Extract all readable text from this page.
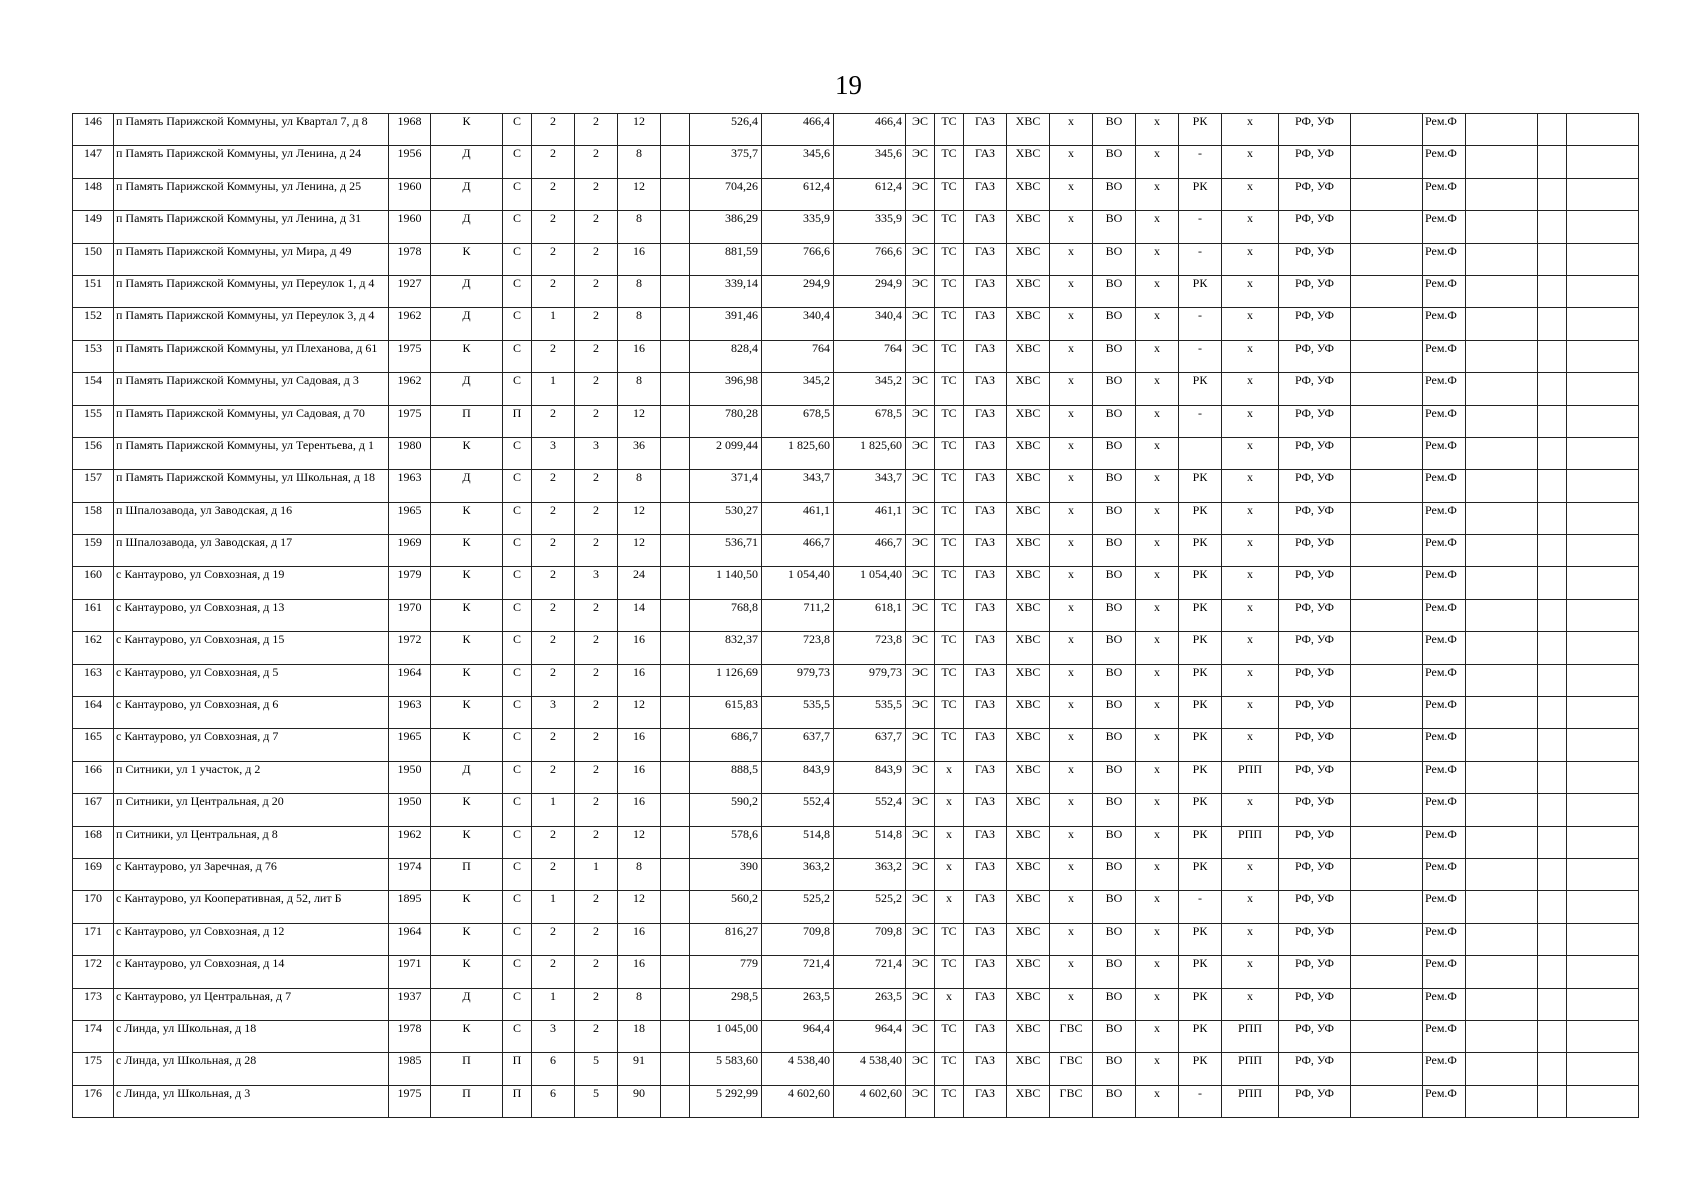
19
146	п Память Парижской Коммуны, ул Квартал 7, д 8	1968	К	С	2	2	12		526,4	466,4	466,4	ЭС	ТС	ГАЗ	ХВС	х	ВО	х	РК	х	РФ, УФ		Рем.Ф			
147	п Память Парижской Коммуны, ул Ленина, д 24	1956	Д	С	2	2	8		375,7	345,6	345,6	ЭС	ТС	ГАЗ	ХВС	х	ВО	х	-	х	РФ, УФ		Рем.Ф			
148	п Память Парижской Коммуны, ул Ленина, д 25	1960	Д	С	2	2	12		704,26	612,4	612,4	ЭС	ТС	ГАЗ	ХВС	х	ВО	х	РК	х	РФ, УФ		Рем.Ф			
149	п Память Парижской Коммуны, ул Ленина, д 31	1960	Д	С	2	2	8		386,29	335,9	335,9	ЭС	ТС	ГАЗ	ХВС	х	ВО	х	-	х	РФ, УФ		Рем.Ф			
150	п Память Парижской Коммуны, ул Мира, д 49	1978	К	С	2	2	16		881,59	766,6	766,6	ЭС	ТС	ГАЗ	ХВС	х	ВО	х	-	х	РФ, УФ		Рем.Ф			
151	п Память Парижской Коммуны, ул Переулок 1, д 4	1927	Д	С	2	2	8		339,14	294,9	294,9	ЭС	ТС	ГАЗ	ХВС	х	ВО	х	РК	х	РФ, УФ		Рем.Ф			
152	п Память Парижской Коммуны, ул Переулок 3, д 4	1962	Д	С	1	2	8		391,46	340,4	340,4	ЭС	ТС	ГАЗ	ХВС	х	ВО	х	-	х	РФ, УФ		Рем.Ф			
153	п Память Парижской Коммуны, ул Плеханова, д 61	1975	К	С	2	2	16		828,4	764	764	ЭС	ТС	ГАЗ	ХВС	х	ВО	х	-	х	РФ, УФ		Рем.Ф			
154	п Память Парижской Коммуны, ул Садовая, д 3	1962	Д	С	1	2	8		396,98	345,2	345,2	ЭС	ТС	ГАЗ	ХВС	х	ВО	х	РК	х	РФ, УФ		Рем.Ф			
155	п Память Парижской Коммуны, ул Садовая, д 70	1975	П	П	2	2	12		780,28	678,5	678,5	ЭС	ТС	ГАЗ	ХВС	х	ВО	х	-	х	РФ, УФ		Рем.Ф			
156	п Память Парижской Коммуны, ул Терентьева, д 1	1980	К	С	3	3	36		2 099,44	1 825,60	1 825,60	ЭС	ТС	ГАЗ	ХВС	х	ВО	х		х	РФ, УФ		Рем.Ф			
157	п Память Парижской Коммуны, ул Школьная, д 18	1963	Д	С	2	2	8		371,4	343,7	343,7	ЭС	ТС	ГАЗ	ХВС	х	ВО	х	РК	х	РФ, УФ		Рем.Ф			
158	п Шпалозавода, ул Заводская, д 16	1965	К	С	2	2	12		530,27	461,1	461,1	ЭС	ТС	ГАЗ	ХВС	х	ВО	х	РК	х	РФ, УФ		Рем.Ф			
159	п Шпалозавода, ул Заводская, д 17	1969	К	С	2	2	12		536,71	466,7	466,7	ЭС	ТС	ГАЗ	ХВС	х	ВО	х	РК	х	РФ, УФ		Рем.Ф			
160	с Кантаурово, ул Совхозная, д 19	1979	К	С	2	3	24		1 140,50	1 054,40	1 054,40	ЭС	ТС	ГАЗ	ХВС	х	ВО	х	РК	х	РФ, УФ		Рем.Ф			
161	с Кантаурово, ул Совхозная, д 13	1970	К	С	2	2	14		768,8	711,2	618,1	ЭС	ТС	ГАЗ	ХВС	х	ВО	х	РК	х	РФ, УФ		Рем.Ф			
162	с Кантаурово, ул Совхозная, д 15	1972	К	С	2	2	16		832,37	723,8	723,8	ЭС	ТС	ГАЗ	ХВС	х	ВО	х	РК	х	РФ, УФ		Рем.Ф			
163	с Кантаурово, ул Совхозная, д 5	1964	К	С	2	2	16		1 126,69	979,73	979,73	ЭС	ТС	ГАЗ	ХВС	х	ВО	х	РК	х	РФ, УФ		Рем.Ф			
164	с Кантаурово, ул Совхозная, д 6	1963	К	С	3	2	12		615,83	535,5	535,5	ЭС	ТС	ГАЗ	ХВС	х	ВО	х	РК	х	РФ, УФ		Рем.Ф			
165	с Кантаурово, ул Совхозная, д 7	1965	К	С	2	2	16		686,7	637,7	637,7	ЭС	ТС	ГАЗ	ХВС	х	ВО	х	РК	х	РФ, УФ		Рем.Ф			
166	п Ситники, ул 1 участок, д 2	1950	Д	С	2	2	16		888,5	843,9	843,9	ЭС	х	ГАЗ	ХВС	х	ВО	х	РК	РПП	РФ, УФ		Рем.Ф			
167	п Ситники, ул Центральная, д 20	1950	К	С	1	2	16		590,2	552,4	552,4	ЭС	х	ГАЗ	ХВС	х	ВО	х	РК	х	РФ, УФ		Рем.Ф			
168	п Ситники, ул Центральная, д 8	1962	К	С	2	2	12		578,6	514,8	514,8	ЭС	х	ГАЗ	ХВС	х	ВО	х	РК	РПП	РФ, УФ		Рем.Ф			
169	с Кантаурово, ул Заречная, д 76	1974	П	С	2	1	8		390	363,2	363,2	ЭС	х	ГАЗ	ХВС	х	ВО	х	РК	х	РФ, УФ		Рем.Ф			
170	с Кантаурово, ул Кооперативная, д 52, лит Б	1895	К	С	1	2	12		560,2	525,2	525,2	ЭС	х	ГАЗ	ХВС	х	ВО	х	-	х	РФ, УФ		Рем.Ф			
171	с Кантаурово, ул Совхозная, д 12	1964	К	С	2	2	16		816,27	709,8	709,8	ЭС	ТС	ГАЗ	ХВС	х	ВО	х	РК	х	РФ, УФ		Рем.Ф			
172	с Кантаурово, ул Совхозная, д 14	1971	К	С	2	2	16		779	721,4	721,4	ЭС	ТС	ГАЗ	ХВС	х	ВО	х	РК	х	РФ, УФ		Рем.Ф			
173	с Кантаурово, ул Центральная, д 7	1937	Д	С	1	2	8		298,5	263,5	263,5	ЭС	х	ГАЗ	ХВС	х	ВО	х	РК	х	РФ, УФ		Рем.Ф			
174	с Линда, ул Школьная, д 18	1978	К	С	3	2	18		1 045,00	964,4	964,4	ЭС	ТС	ГАЗ	ХВС	ГВС	ВО	х	РК	РПП	РФ, УФ		Рем.Ф			
175	с Линда, ул Школьная, д 28	1985	П	П	6	5	91		5 583,60	4 538,40	4 538,40	ЭС	ТС	ГАЗ	ХВС	ГВС	ВО	х	РК	РПП	РФ, УФ		Рем.Ф			
176	с Линда, ул Школьная, д 3	1975	П	П	6	5	90		5 292,99	4 602,60	4 602,60	ЭС	ТС	ГАЗ	ХВС	ГВС	ВО	х	-	РПП	РФ, УФ		Рем.Ф			
